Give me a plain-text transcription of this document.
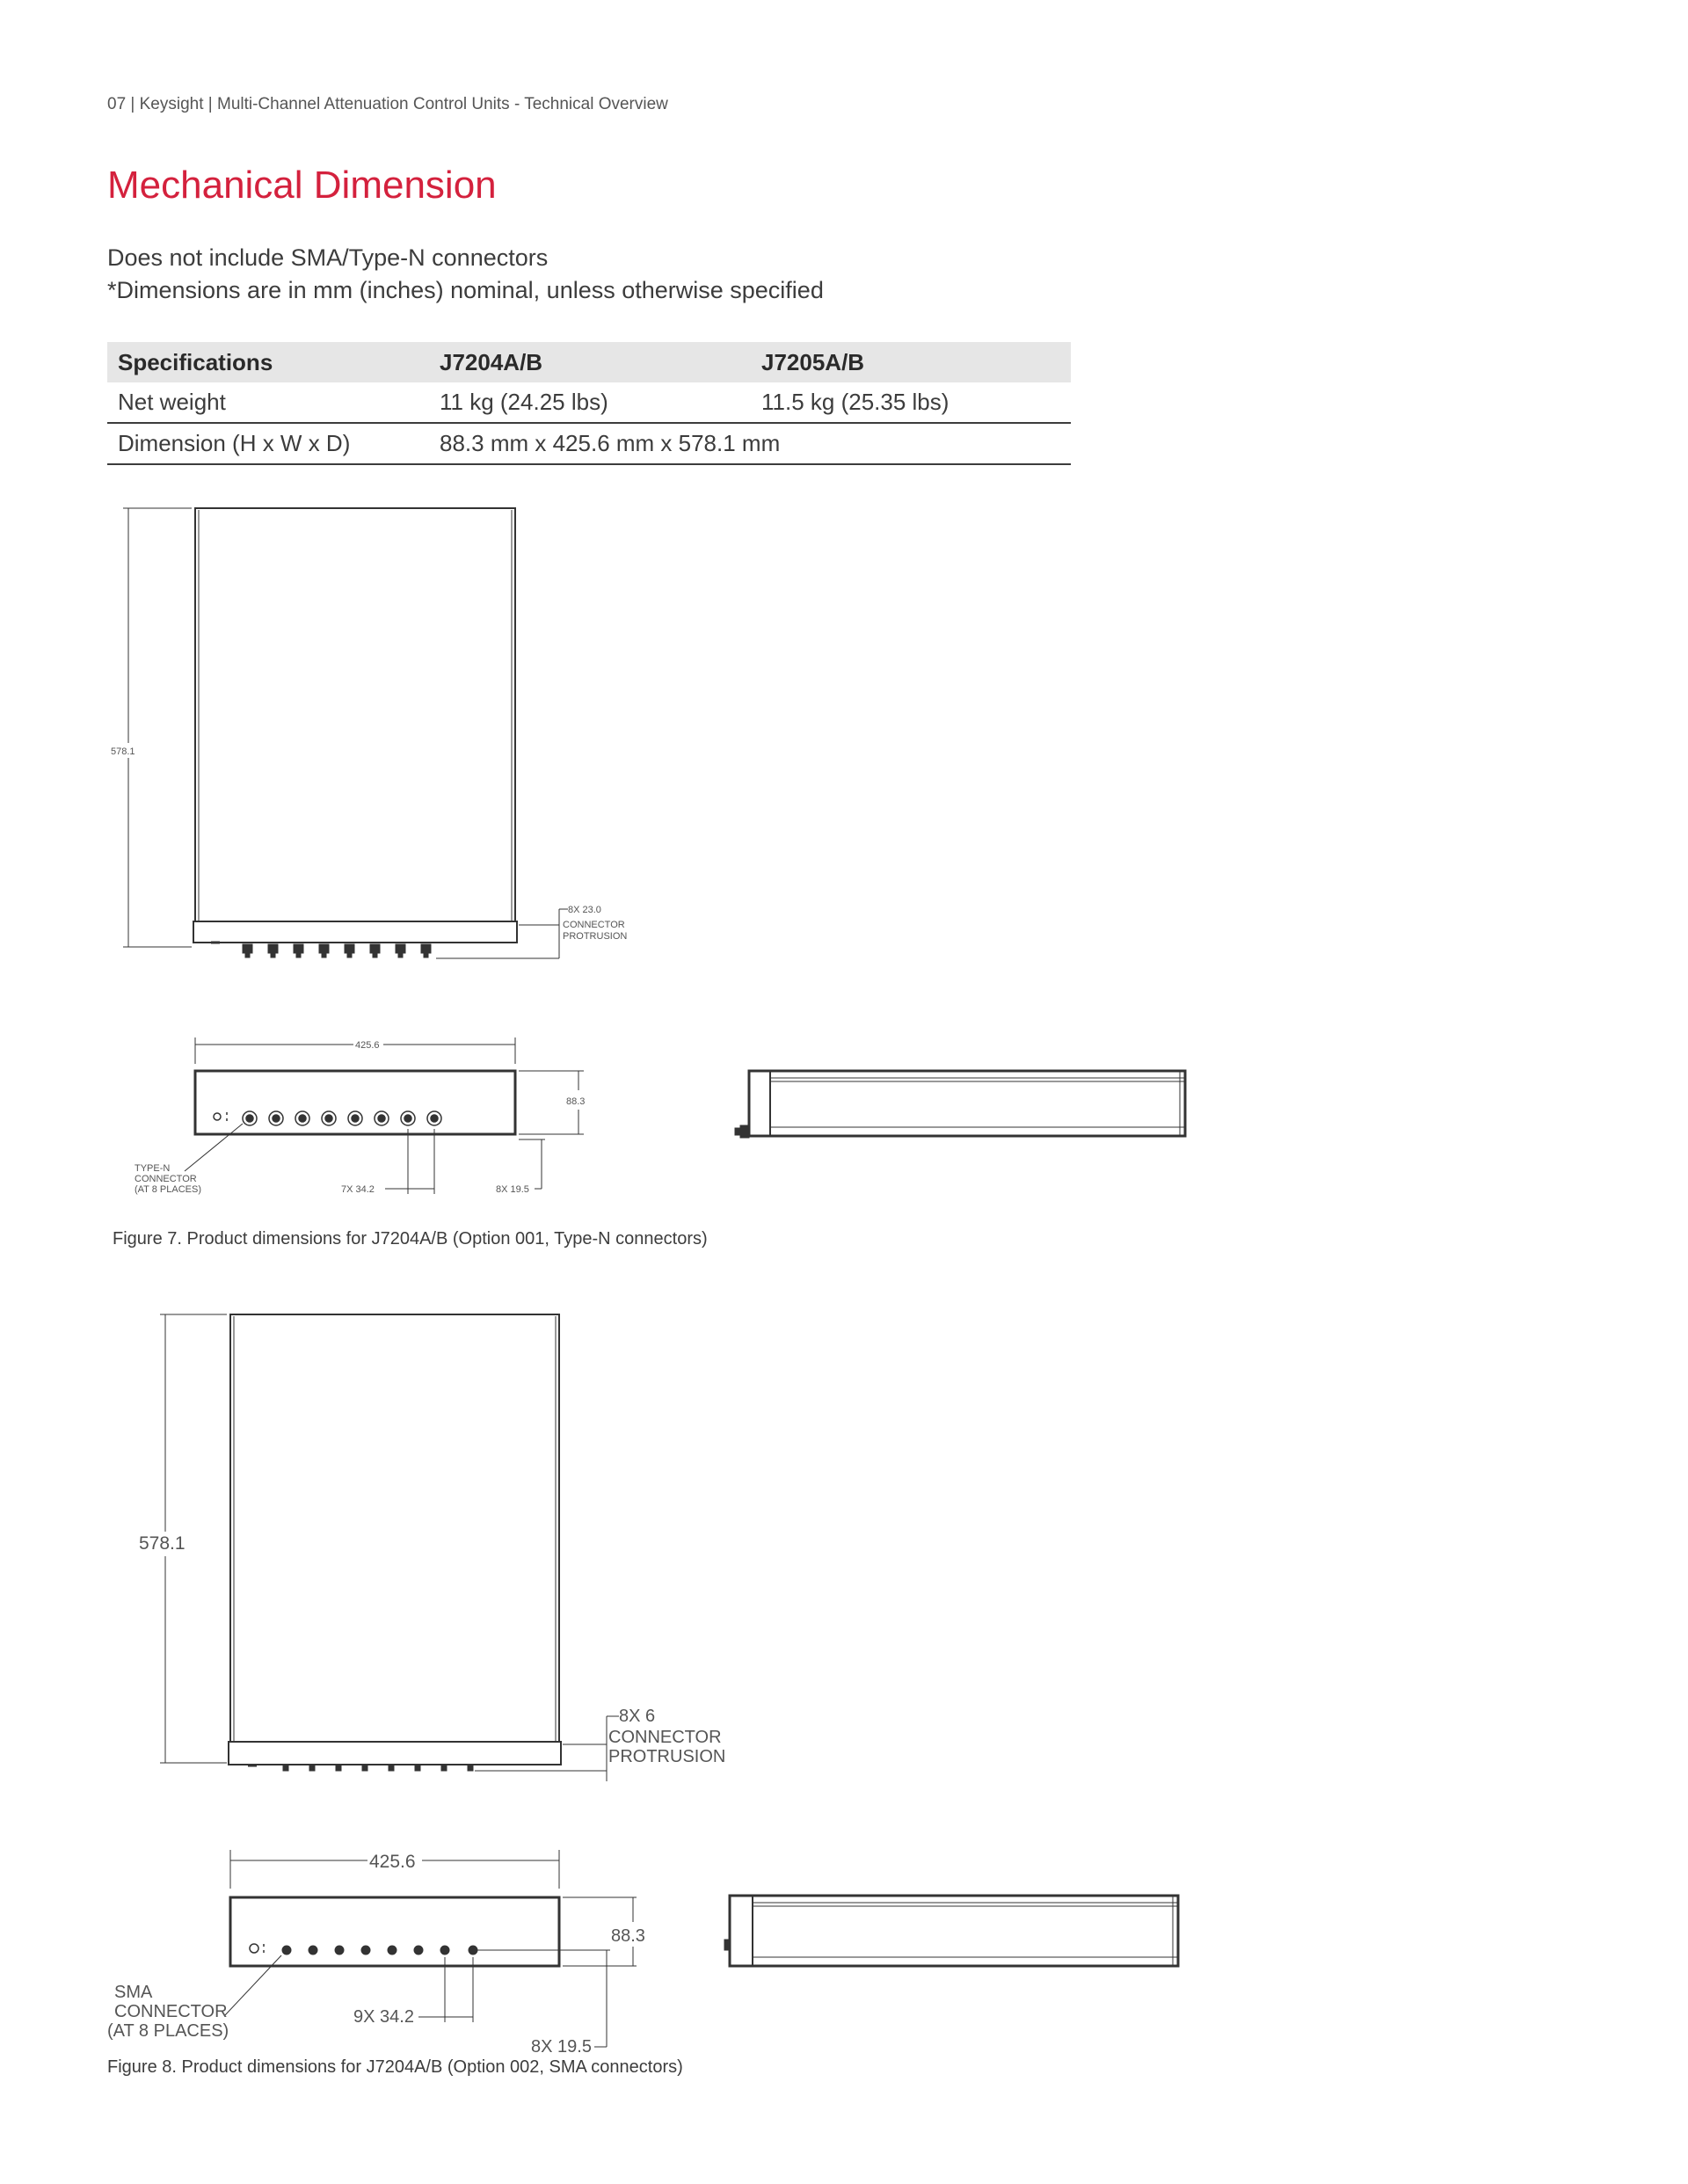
07 | Keysight | Multi-Channel Attenuation Control Units - Technical Overview
Mechanical Dimension
Does not include SMA/Type-N connectors
*Dimensions are in mm (inches) nominal, unless otherwise specified
Specifications	J7204A/B	J7205A/B
Net weight	11 kg (24.25 lbs)	11.5 kg (25.35 lbs)
Dimension (H x W x D)	88.3 mm x 425.6 mm x 578.1 mm	
578.1
8X 23.0
CONNECTOR
PROTRUSION
425.6
88.3
7X 34.2	8X 19.5
TYPE-N
CONNECTOR
(AT 8 PLACES)
Figure 7. Product dimensions for J7204A/B (Option 001, Type-N connectors)
578.1
8X 6
CONNECTOR
PROTRUSION
425.6
88.3
9X 34.2
8X 19.5
SMA
CONNECTOR
(AT 8 PLACES)
Figure 8. Product dimensions for J7204A/B (Option 002, SMA connectors)
